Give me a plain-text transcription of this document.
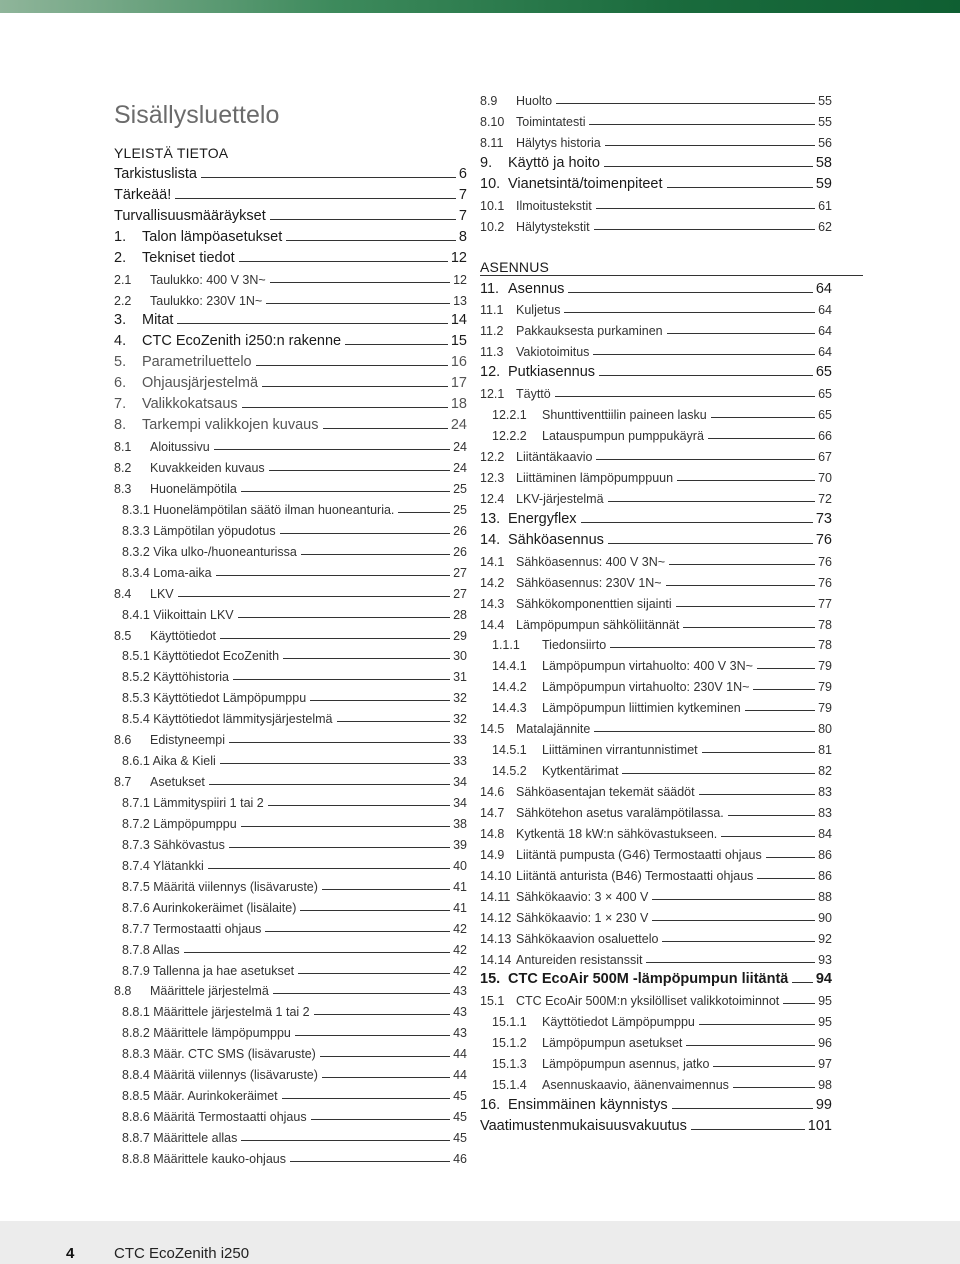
Sisällysluettelo
YLEISTÄ TIETOA
Tarkistuslista	6
Tärkeää!	7
Turvallisuusmääräykset	7
1.	Talon lämpöasetukset	8
2.	Tekniset tiedot	12
2.1	Taulukko: 400 V 3N~	12
2.2	Taulukko: 230V 1N~	13
3.	Mitat	14
4.	CTC EcoZenith i250:n rakenne	15
5.	Parametriluettelo	16
6.	Ohjausjärjestelmä	17
7.	Valikkokatsaus	18
8.	Tarkempi valikkojen kuvaus	24
8.1	Aloitussivu	24
8.2	Kuvakkeiden kuvaus	24
8.3	Huonelämpötila	25
8.3.1 Huonelämpötilan säätö ilman huoneanturia.	25
8.3.3 Lämpötilan yöpudotus	26
8.3.2 Vika ulko-/huoneanturissa	26
8.3.4 Loma-aika	27
8.4	LKV	27
8.4.1 Viikoittain LKV	28
8.5	Käyttötiedot	29
8.5.1 Käyttötiedot EcoZenith	30
8.5.2 Käyttöhistoria	31
8.5.3 Käyttötiedot Lämpöpumppu	32
8.5.4 Käyttötiedot lämmitysjärjestelmä	32
8.6	Edistyneempi	33
8.6.1 Aika & Kieli	33
8.7	Asetukset	34
8.7.1 Lämmityspiiri 1 tai 2	34
8.7.2 Lämpöpumppu	38
8.7.3 Sähkövastus	39
8.7.4 Ylätankki	40
8.7.5 Määritä viilennys (lisävaruste)	41
8.7.6 Aurinkokeräimet (lisälaite)	41
8.7.7 Termostaatti ohjaus	42
8.7.8 Allas	42
8.7.9 Tallenna ja hae asetukset	42
8.8	Määrittele järjestelmä	43
8.8.1 Määrittele järjestelmä 1 tai 2	43
8.8.2 Määrittele lämpöpumppu	43
8.8.3 Määr. CTC SMS (lisävaruste)	44
8.8.4 Määritä viilennys (lisävaruste)	44
8.8.5 Määr. Aurinkokeräimet	45
8.8.6 Määritä Termostaatti ohjaus	45
8.8.7 Määrittele allas	45
8.8.8 Määrittele kauko-ohjaus	46
8.9	Huolto	55
8.10 Toimintatesti	55
8.11	Hälytys historia	56
9.	Käyttö ja hoito	58
10. Vianetsintä/toimenpiteet	59
10.1 Ilmoitustekstit	61
10.2 Hälytystekstit	62
ASENNUS
11. Asennus	64
11.1	Kuljetus	64
11.2	Pakkauksesta purkaminen	64
11.3	Vakiotoimitus	64
12. Putkiasennus	65
12.1 Täyttö	65
12.2.1	Shunttiventtiilin paineen lasku	65
12.2.2	Latauspumpun pumppukäyrä	66
12.2 Liitäntäkaavio	67
12.3 Liittäminen lämpöpumppuun	70
12.4 LKV-järjestelmä	72
13. Energyflex	73
14. Sähköasennus	76
14.1 Sähköasennus: 400 V 3N~	76
14.2 Sähköasennus: 230V 1N~	76
14.3 Sähkökomponenttien sijainti	77
14.4 Lämpöpumpun sähköliitännät	78
1.1.1	Tiedonsiirto	78
14.4.1	Lämpöpumpun virtahuolto: 400 V 3N~	79
14.4.2	Lämpöpumpun virtahuolto: 230V 1N~	79
14.4.3	Lämpöpumpun liittimien kytkeminen	79
14.5 Matalajännite	80
14.5.1	Liittäminen virrantunnistimet	81
14.5.2	Kytkentärimat	82
14.6 Sähköasentajan tekemät säädöt	83
14.7 Sähkötehon asetus varalämpötilassa.	83
14.8 Kytkentä 18 kW:n sähkövastukseen.	84
14.9 Liitäntä pumpusta (G46) Termostaatti ohjaus	86
14.10 Liitäntä anturista (B46) Termostaatti ohjaus	86
14.11 Sähkökaavio: 3 × 400 V	88
14.12 Sähkökaavio: 1 × 230 V	90
14.13 Sähkökaavion osaluettelo	92
14.14 Antureiden resistanssit	93
15. CTC EcoAir 500M -lämpöpumpun liitäntä 94
15.1 CTC EcoAir 500M:n yksilölliset valikkotoiminnot	95
15.1.1	Käyttötiedot Lämpöpumppu	95
15.1.2	Lämpöpumpun asetukset	96
15.1.3	Lämpöpumpun asennus, jatko	97
15.1.4	Asennuskaavio, äänenvaimennus	98
16. Ensimmäinen käynnistys	99
Vaatimustenmukaisuusvakuutus	101
4	CTC EcoZenith i250
